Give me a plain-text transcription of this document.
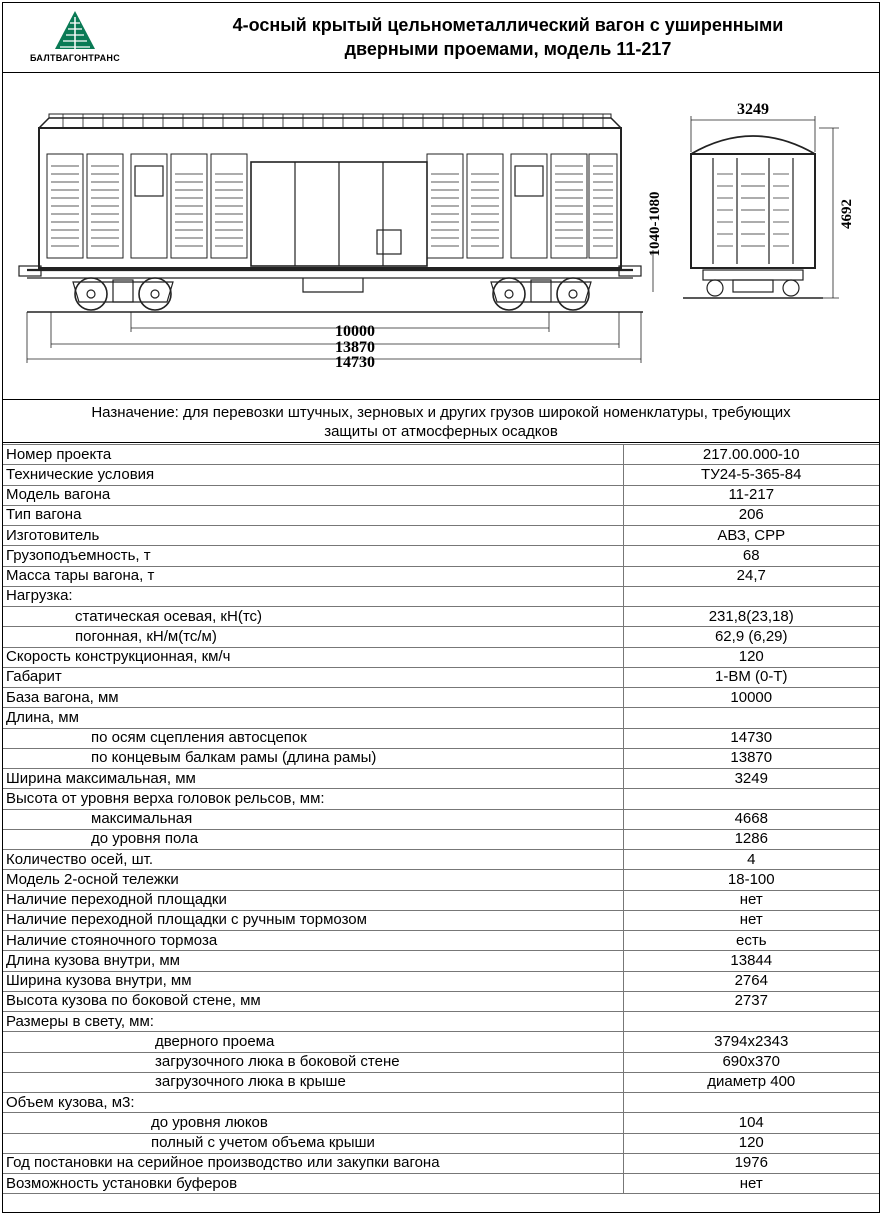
БАЛТВАГОНТРАНС
4-осный крытый цельнометаллический вагон с уширенными
дверными проемами, модель 11-217
10000
13870
14730
3249
1040-1080	4692
Назначение: для перевозки штучных, зерновых и других грузов широкой номенклатуры, требующих
защиты от атмосферных осадков
Номер проекта	217.00.000-10
Технические условия	ТУ24-5-365-84
Модель вагона	11-217
Тип вагона	206
Изготовитель	АВЗ, СРР
Грузоподъемность, т	68
Масса тары вагона, т	24,7
Нагрузка:	
статическая осевая, кН(тс)	231,8(23,18)
погонная, кН/м(тс/м)	62,9 (6,29)
Скорость конструкционная, км/ч	120
Габарит	1-ВМ (0-Т)
База вагона, мм	10000
Длина, мм	
по осям сцепления автосцепок	14730
по концевым балкам рамы (длина рамы)	13870
Ширина максимальная, мм	3249
Высота от уровня верха головок рельсов, мм:	
максимальная	4668
до уровня пола	1286
Количество осей, шт.	4
Модель 2-осной тележки	18-100
Наличие переходной площадки	нет
Наличие переходной площадки с ручным тормозом	нет
Наличие стояночного тормоза	есть
Длина кузова внутри, мм	13844
Ширина кузова внутри, мм	2764
Высота кузова по боковой стене, мм	2737
Размеры в свету, мм:	
дверного проема	3794x2343
загрузочного люка в боковой стене	690x370
загрузочного люка в крыше	диаметр 400
Объем кузова, м3:	
до уровня люков	104
полный с учетом объема крыши	120
Год постановки на серийное производство или закупки вагона	1976
Возможность установки буферов	нет
